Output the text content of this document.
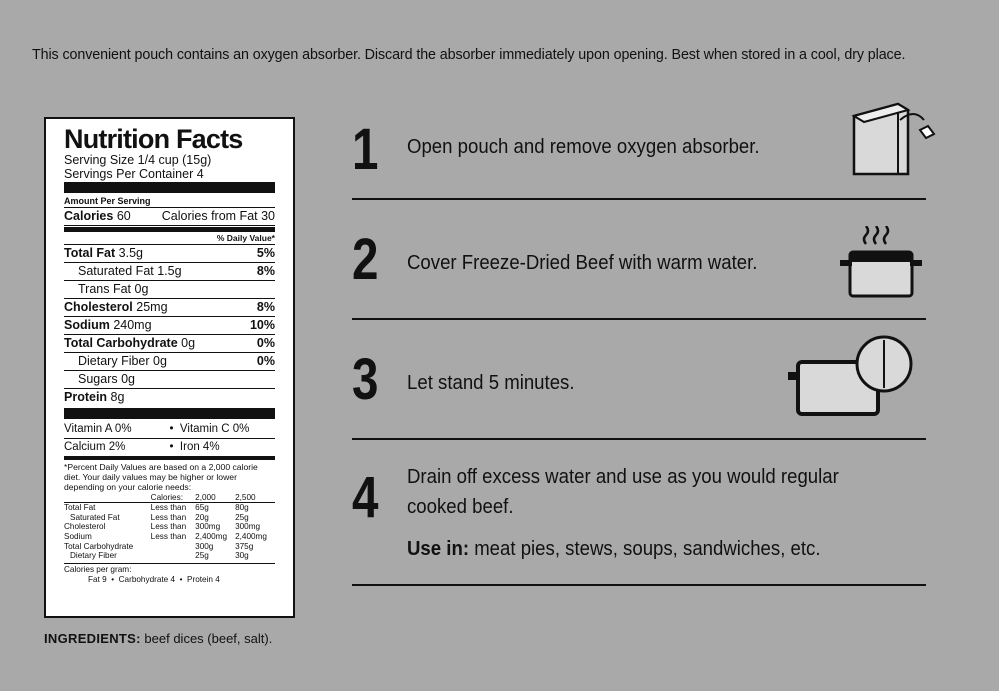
This convenient pouch contains an oxygen absorber. Discard the absorber immediately upon opening. Best when stored in a cool, dry place.
Nutrition Facts
Serving Size 1/4 cup (15g)
Servings Per Container 4
Amount Per Serving
Calories 60 Calories from Fat 30
% Daily Value*
Total Fat 3.5g	5%
Saturated Fat 1.5g	8%
Trans Fat 0g
Cholesterol 25mg	8%
Sodium 240mg	10%
Total Carbohydrate 0g	0%
Dietary Fiber 0g	0%
Sugars 0g
Protein 8g
Vitamin A 0%	•  Vitamin C 0%
Calcium 2%	•  Iron 4%
*Percent Daily Values are based on a 2,000 calorie diet. Your daily values may be higher or lower depending on your calorie needs:
	Calories:	2,000	2,500
Total Fat	Less than	65g	80g
Saturated Fat	Less than	20g	25g
Cholesterol	Less than	300mg	300mg
Sodium	Less than	2,400mg	2,400mg
Total Carbohydrate		300g	375g
Dietary Fiber		25g	30g
Calories per gram:
Fat 9  •  Carbohydrate 4  •  Protein 4
INGREDIENTS: beef dices (beef, salt).
1 Open pouch and remove oxygen absorber.
2 Cover Freeze-Dried Beef with warm water.
3 Let stand 5 minutes.
4 Drain off excess water and use as you would regular
cooked beef.
Use in: meat pies, stews, soups, sandwiches, etc.
